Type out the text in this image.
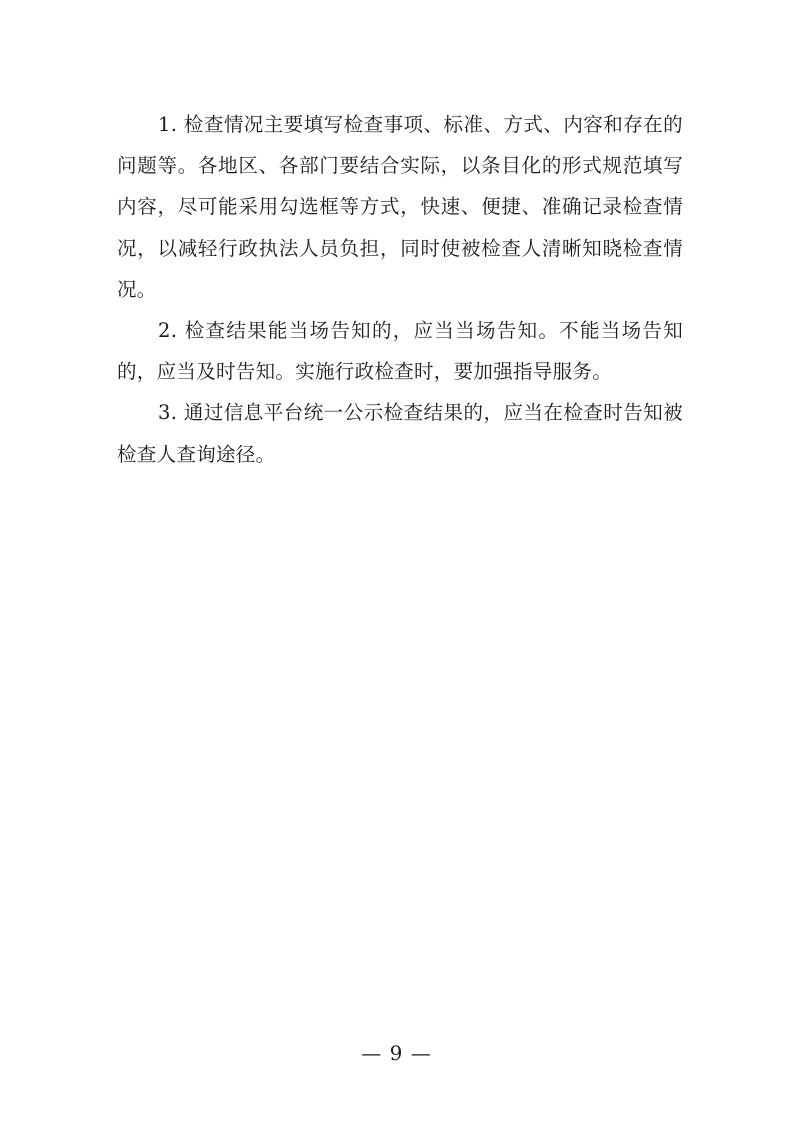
1. 检查情况主要填写检查事项、标准、方式、内容和存在的问题等。各地区、各部门要结合实际，以条目化的形式规范填写内容，尽可能采用勾选框等方式，快速、便捷、准确记录检查情况，以减轻行政执法人员负担，同时使被检查人清晰知晓检查情况。

2. 检查结果能当场告知的，应当当场告知。不能当场告知的，应当及时告知。实施行政检查时，要加强指导服务。

3. 通过信息平台统一公示检查结果的，应当在检查时告知被检查人查询途径。

— 9 —
